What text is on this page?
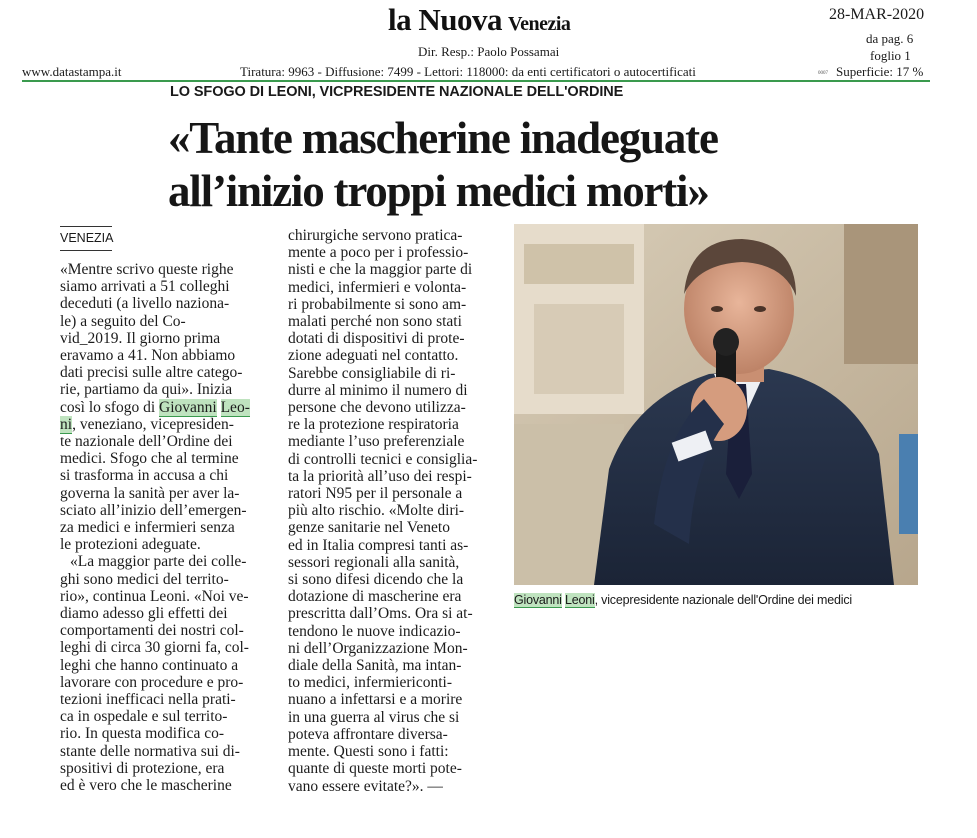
la Nuova Venezia	28-MAR-2020
da pag. 6
foglio 1
Dir. Resp.: Paolo Possamai
www.datastampa.it	Tiratura: 9963 - Diffusione: 7499 - Lettori: 118000: da enti certificatori o autocertificati	0007 Superficie: 17 %
LO SFOGO DI LEONI, VICPRESIDENTE NAZIONALE DELL'ORDINE
«Tante mascherine inadeguate
all’inizio troppi medici morti»
VENEZIA

«Mentre scrivo queste righe
siamo arrivati a 51 colleghi
deceduti (a livello naziona-
le) a seguito del Co-
vid_2019. Il giorno prima
eravamo a 41. Non abbiamo
dati precisi sulle altre catego-
rie, partiamo da qui». Inizia
così lo sfogo di Giovanni Leo-
ni, veneziano, vicepresiden-
te nazionale dell’Ordine dei
medici. Sfogo che al termine
si trasforma in accusa a chi
governa la sanità per aver la-
sciato all’inizio dell’emergen-
za medici e infermieri senza
le protezioni adeguate.

«La maggior parte dei colle-
ghi sono medici del territo-
rio», continua Leoni. «Noi ve-
diamo adesso gli effetti dei
comportamenti dei nostri col-
leghi di circa 30 giorni fa, col-
leghi che hanno continuato a
lavorare con procedure e pro-
tezioni inefficaci nella prati-
ca in ospedale e sul territo-
rio. In questa modifica co-
stante delle normativa sui di-
spositivi di protezione, era
ed è vero che le mascherine

chirurgiche servono pratica-
mente a poco per i professio-
nisti e che la maggior parte di
medici, infermieri e volonta-
ri probabilmente si sono am-
malati perché non sono stati
dotati di dispositivi di prote-
zione adeguati nel contatto.
Sarebbe consigliabile di ri-
durre al minimo il numero di
persone che devono utilizza-
re la protezione respiratoria
mediante l’uso preferenziale
di controlli tecnici e consiglia-
ta la priorità all’uso dei respi-
ratori N95 per il personale a
più alto rischio. «Molte diri-
genze sanitarie nel Veneto
ed in Italia compresi tanti as-
sessori regionali alla sanità,
si sono difesi dicendo che la
dotazione di mascherine era
prescritta dall’Oms. Ora si at-
tendono le nuove indicazio-
ni dell’Organizzazione Mon-
diale della Sanità, ma intan-
to medici, infermiericonti-
nuano a infettarsi e a morire
in una guerra al virus che si
poteva affrontare diversa-
mente. Questi sono i fatti:
quante di queste morti pote-
vano essere evitate?». —

Giovanni Leoni, vicepresidente nazionale dell'Ordine dei medici
